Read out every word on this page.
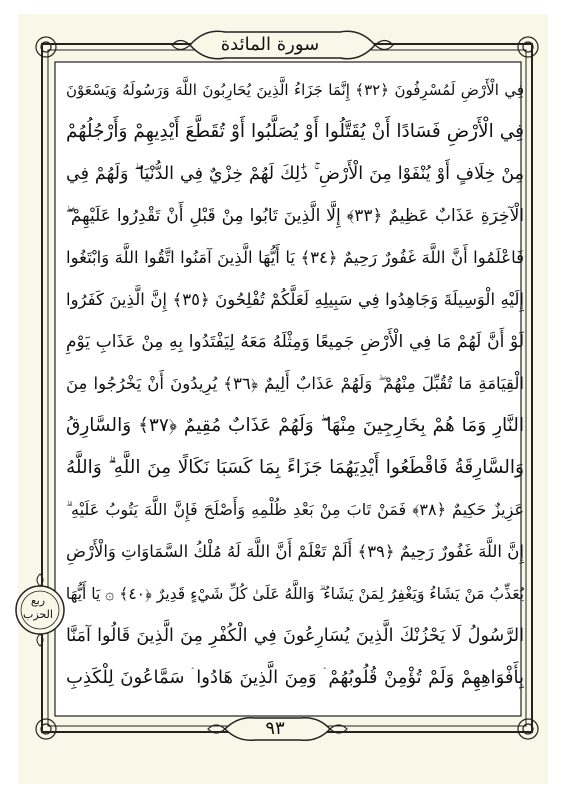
سورة المائدة
ربع الحزب
فِي الْأَرْضِ لَمُسْرِفُونَ ﴿٣٢﴾ إِنَّمَا جَزَاءُ الَّذِينَ يُحَارِبُونَ اللَّهَ وَرَسُولَهُ وَيَسْعَوْنَ
فِي الْأَرْضِ فَسَادًا أَنْ يُقَتَّلُوا أَوْ يُصَلَّبُوا أَوْ تُقَطَّعَ أَيْدِيهِمْ وَأَرْجُلُهُمْ
مِنْ خِلَافٍ أَوْ يُنْفَوْا مِنَ الْأَرْضِ ۚ ذَٰلِكَ لَهُمْ خِزْيٌ فِي الدُّنْيَا ۖ وَلَهُمْ فِي
الْآخِرَةِ عَذَابٌ عَظِيمٌ ﴿٣٣﴾ إِلَّا الَّذِينَ تَابُوا مِنْ قَبْلِ أَنْ تَقْدِرُوا عَلَيْهِمْ ۖ
فَاعْلَمُوا أَنَّ اللَّهَ غَفُورٌ رَحِيمٌ ﴿٣٤﴾ يَا أَيُّهَا الَّذِينَ آمَنُوا اتَّقُوا اللَّهَ وَابْتَغُوا
إِلَيْهِ الْوَسِيلَةَ وَجَاهِدُوا فِي سَبِيلِهِ لَعَلَّكُمْ تُفْلِحُونَ ﴿٣٥﴾ إِنَّ الَّذِينَ كَفَرُوا
لَوْ أَنَّ لَهُمْ مَا فِي الْأَرْضِ جَمِيعًا وَمِثْلَهُ مَعَهُ لِيَفْتَدُوا بِهِ مِنْ عَذَابِ يَوْمِ
الْقِيَامَةِ مَا تُقُبِّلَ مِنْهُمْ ۖ وَلَهُمْ عَذَابٌ أَلِيمٌ ﴿٣٦﴾ يُرِيدُونَ أَنْ يَخْرُجُوا مِنَ
النَّارِ وَمَا هُمْ بِخَارِجِينَ مِنْهَا ۖ وَلَهُمْ عَذَابٌ مُقِيمٌ ﴿٣٧﴾ وَالسَّارِقُ
وَالسَّارِقَةُ فَاقْطَعُوا أَيْدِيَهُمَا جَزَاءً بِمَا كَسَبَا نَكَالًا مِنَ اللَّهِ ۗ وَاللَّهُ
عَزِيزٌ حَكِيمٌ ﴿٣٨﴾ فَمَنْ تَابَ مِنْ بَعْدِ ظُلْمِهِ وَأَصْلَحَ فَإِنَّ اللَّهَ يَتُوبُ عَلَيْهِ ۗ
إِنَّ اللَّهَ غَفُورٌ رَحِيمٌ ﴿٣٩﴾ أَلَمْ تَعْلَمْ أَنَّ اللَّهَ لَهُ مُلْكُ السَّمَاوَاتِ وَالْأَرْضِ
يُعَذِّبُ مَنْ يَشَاءُ وَيَغْفِرُ لِمَنْ يَشَاءُ ۗ وَاللَّهُ عَلَىٰ كُلِّ شَيْءٍ قَدِيرٌ ﴿٤٠﴾ ۞ يَا أَيُّهَا
الرَّسُولُ لَا يَحْزُنْكَ الَّذِينَ يُسَارِعُونَ فِي الْكُفْرِ مِنَ الَّذِينَ قَالُوا آمَنَّا
بِأَفْوَاهِهِمْ وَلَمْ تُؤْمِنْ قُلُوبُهُمْ ۛ وَمِنَ الَّذِينَ هَادُوا ۛ سَمَّاعُونَ لِلْكَذِبِ
٩٣
